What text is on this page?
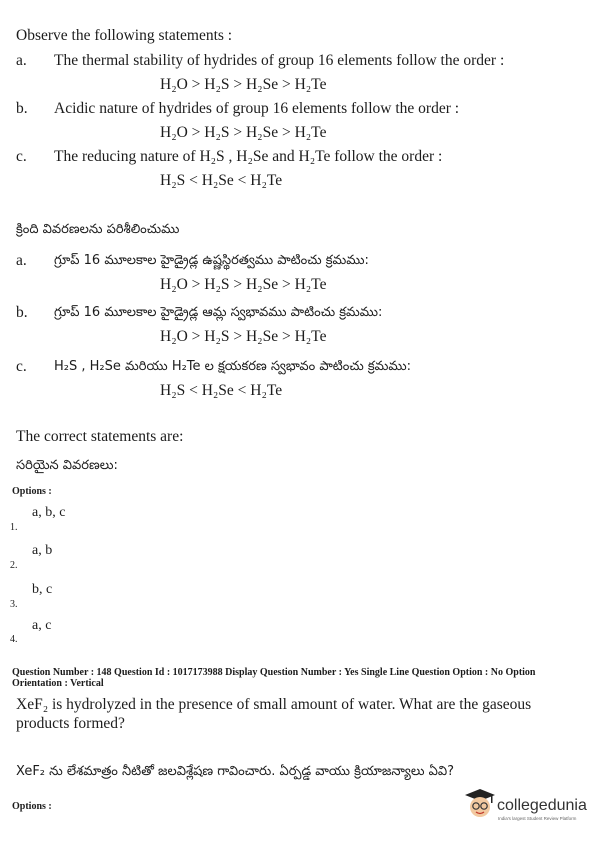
Observe the following statements :
a. The thermal stability of hydrides of group 16 elements follow the order :
H₂O > H₂S > H₂Se > H₂Te
b. Acidic nature of hydrides of group 16 elements follow the order :
H₂O > H₂S > H₂Se > H₂Te
c. The reducing nature of H₂S , H₂Se and H₂Te follow the order :
H₂S < H₂Se < H₂Te
క్రింది వివరణలను పరిశీలించుము
a. గ్రూప్ 16 మూలకాల హైడ్రైడ్ల ఉష్ణస్థిరత్వము పాటించు క్రమము:
H₂O > H₂S > H₂Se > H₂Te
b. గ్రూప్ 16 మూలకాల హైడ్రైడ్ల ఆమ్ల స్వభావము పాటించు క్రమము:
H₂O > H₂S > H₂Se > H₂Te
c. H₂S , H₂Se మరియు H₂Te ల క్షయకరణ స్వభావం పాటించు క్రమము:
H₂S < H₂Se < H₂Te
The correct statements are:
సరియైన వివరణలు:
Options :
a, b, c
1.
a, b
2.
b, c
3.
a, c
4.
Question Number : 148 Question Id : 1017173988 Display Question Number : Yes Single Line Question Option : No Option
Orientation : Vertical
XeF₂ is hydrolyzed in the presence of small amount of water. What are the gaseous products formed?
XeF₂ ను లేశమాత్రం నీటితో జలవిశ్లేషణ గావించారు. ఏర్పడ్డ వాయు క్రియాజన్యాలు ఏవి?
Options :	collegedunia
India's largest Student Review Platform
